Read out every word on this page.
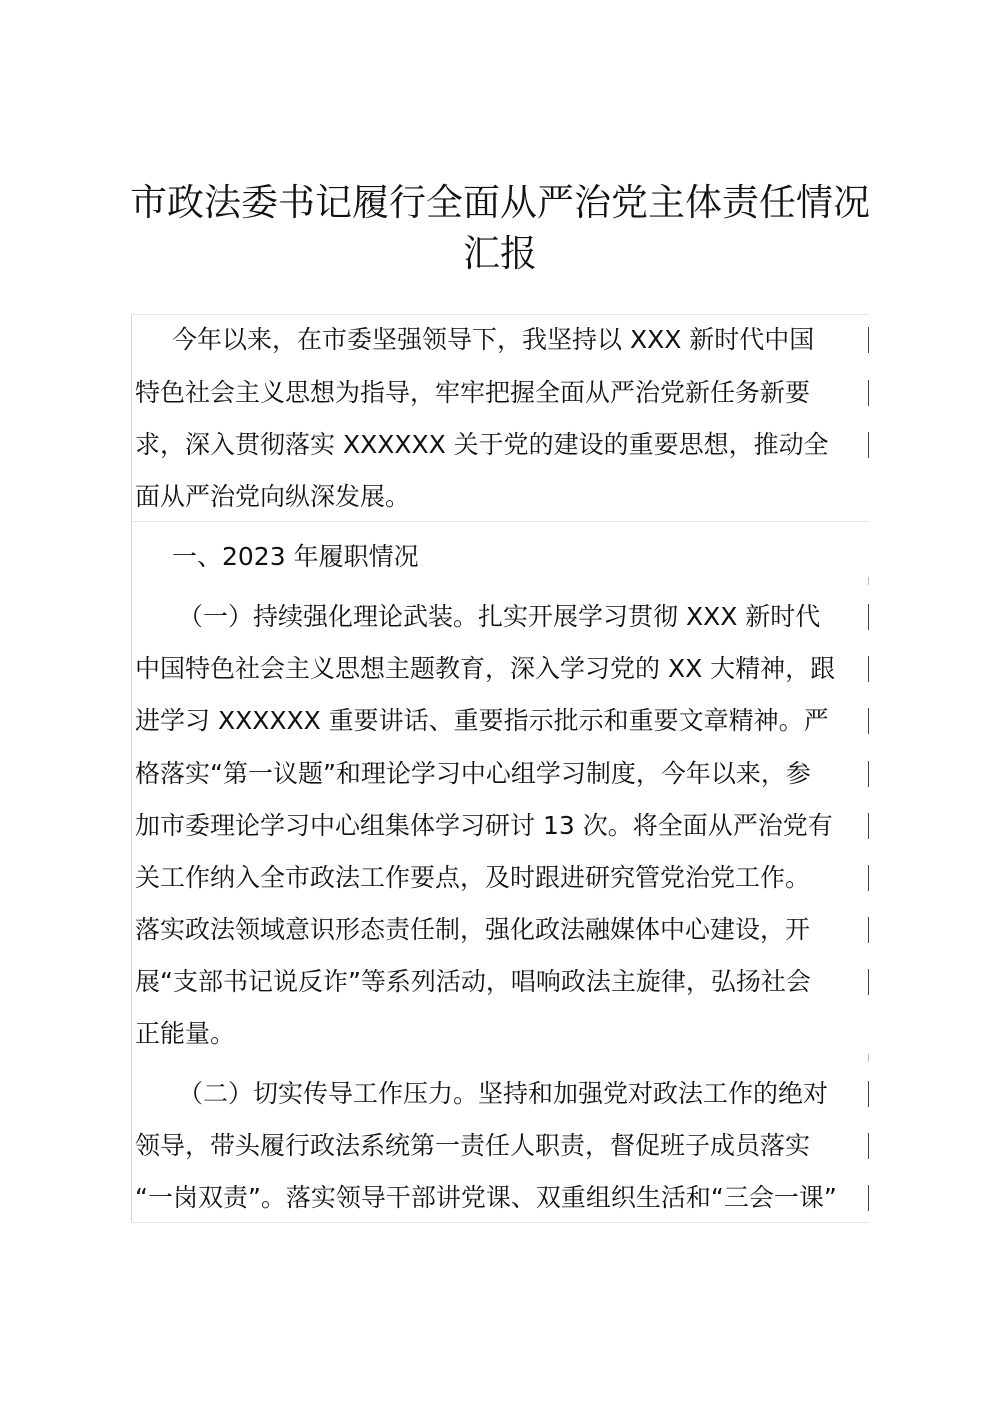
市政法委书记履行全面从严治党主体责任情况
汇报
今年以来，在市委坚强领导下，我坚持以 XXX 新时代中国
特色社会主义思想为指导，牢牢把握全面从严治党新任务新要
求，深入贯彻落实 XXXXXX 关于党的建设的重要思想，推动全
面从严治党向纵深发展。
一、2023 年履职情况
（一）持续强化理论武装。扎实开展学习贯彻 XXX 新时代
中国特色社会主义思想主题教育，深入学习党的 XX 大精神，跟
进学习 XXXXXX 重要讲话、重要指示批示和重要文章精神。严
格落实“第一议题”和理论学习中心组学习制度，今年以来，参
加市委理论学习中心组集体学习研讨 13 次。将全面从严治党有
关工作纳入全市政法工作要点，及时跟进研究管党治党工作。
落实政法领域意识形态责任制，强化政法融媒体中心建设，开
展“支部书记说反诈”等系列活动，唱响政法主旋律，弘扬社会
正能量。
（二）切实传导工作压力。坚持和加强党对政法工作的绝对
领导，带头履行政法系统第一责任人职责，督促班子成员落实
“一岗双责”。落实领导干部讲党课、双重组织生活和“三会一课”
